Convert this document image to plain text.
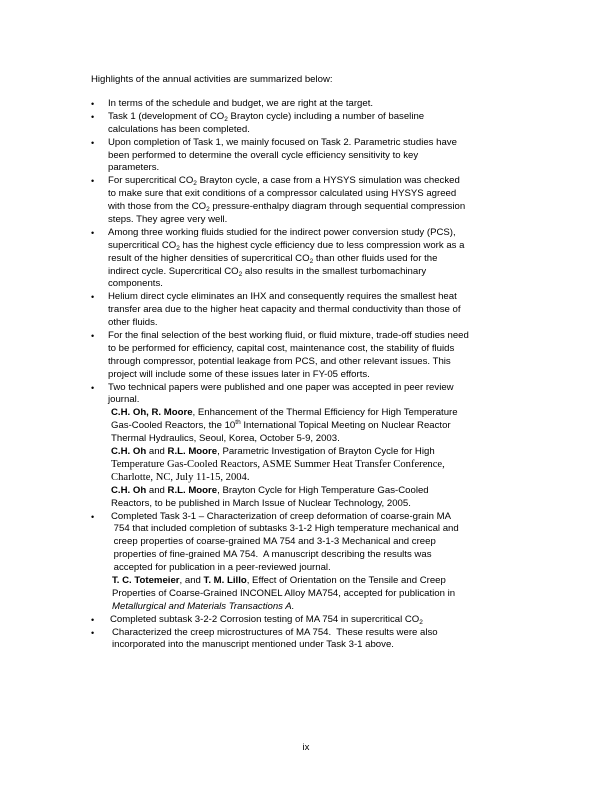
Highlights of the annual activities are summarized below:
• In terms of the schedule and budget, we are right at the target.
• Task 1 (development of $CO_2$ Brayton cycle) including a number of baseline
calculations has been completed.
• Upon completion of Task 1, we mainly focused on Task 2. Parametric studies have
been performed to determine the overall cycle efficiency sensitivity to key
parameters.
• For supercritical $CO_2$ Brayton cycle, a case from a HYSYS simulation was checked
to make sure that exit conditions of a compressor calculated using HYSYS agreed
with those from the $CO_2$ pressure-enthalpy diagram through sequential compression
steps. They agree very well.
• Among three working fluids studied for the indirect power conversion study (PCS),
supercritical $CO_2$ has the highest cycle efficiency due to less compression work as a
result of the higher densities of supercritical $CO_2$ than other fluids used for the
indirect cycle. Supercritical $CO_2$ also results in the smallest turbomachinary
components.
• Helium direct cycle eliminates an IHX and consequently requires the smallest heat
transfer area due to the higher heat capacity and thermal conductivity than those of
other fluids.
• For the final selection of the best working fluid, or fluid mixture, trade-off studies need
to be performed for efficiency, capital cost, maintenance cost, the stability of fluids
through compressor, potential leakage from PCS, and other relevant issues. This
project will include some of these issues later in FY-05 efforts.
• Two technical papers were published and one paper was accepted in peer review
journal.
C.H. Oh, R. Moore, Enhancement of the Thermal Efficiency for High Temperature
Gas-Cooled Reactors, the 10th International Topical Meeting on Nuclear Reactor
Thermal Hydraulics, Seoul, Korea, October 5-9, 2003.
C.H. Oh and R.L. Moore, Parametric Investigation of Brayton Cycle for High
Temperature Gas-Cooled Reactors, ASME Summer Heat Transfer Conference,
Charlotte, NC, July 11-15, 2004.
C.H. Oh and R.L. Moore, Brayton Cycle for High Temperature Gas-Cooled
Reactors, to be published in March Issue of Nuclear Technology, 2005.
• Completed Task 3-1 – Characterization of creep deformation of coarse-grain MA
754 that included completion of subtasks 3-1-2 High temperature mechanical and
creep properties of coarse-grained MA 754 and 3-1-3 Mechanical and creep
properties of fine-grained MA 754.  A manuscript describing the results was
accepted for publication in a peer-reviewed journal.
T. C. Totemeier, and T. M. Lillo, Effect of Orientation on the Tensile and Creep
Properties of Coarse-Grained INCONEL Alloy MA754, accepted for publication in
Metallurgical and Materials Transactions A.
• Completed subtask 3-2-2 Corrosion testing of MA 754 in supercritical $CO_2$
• Characterized the creep microstructures of MA 754.  These results were also
incorporated into the manuscript mentioned under Task 3-1 above.
ix
